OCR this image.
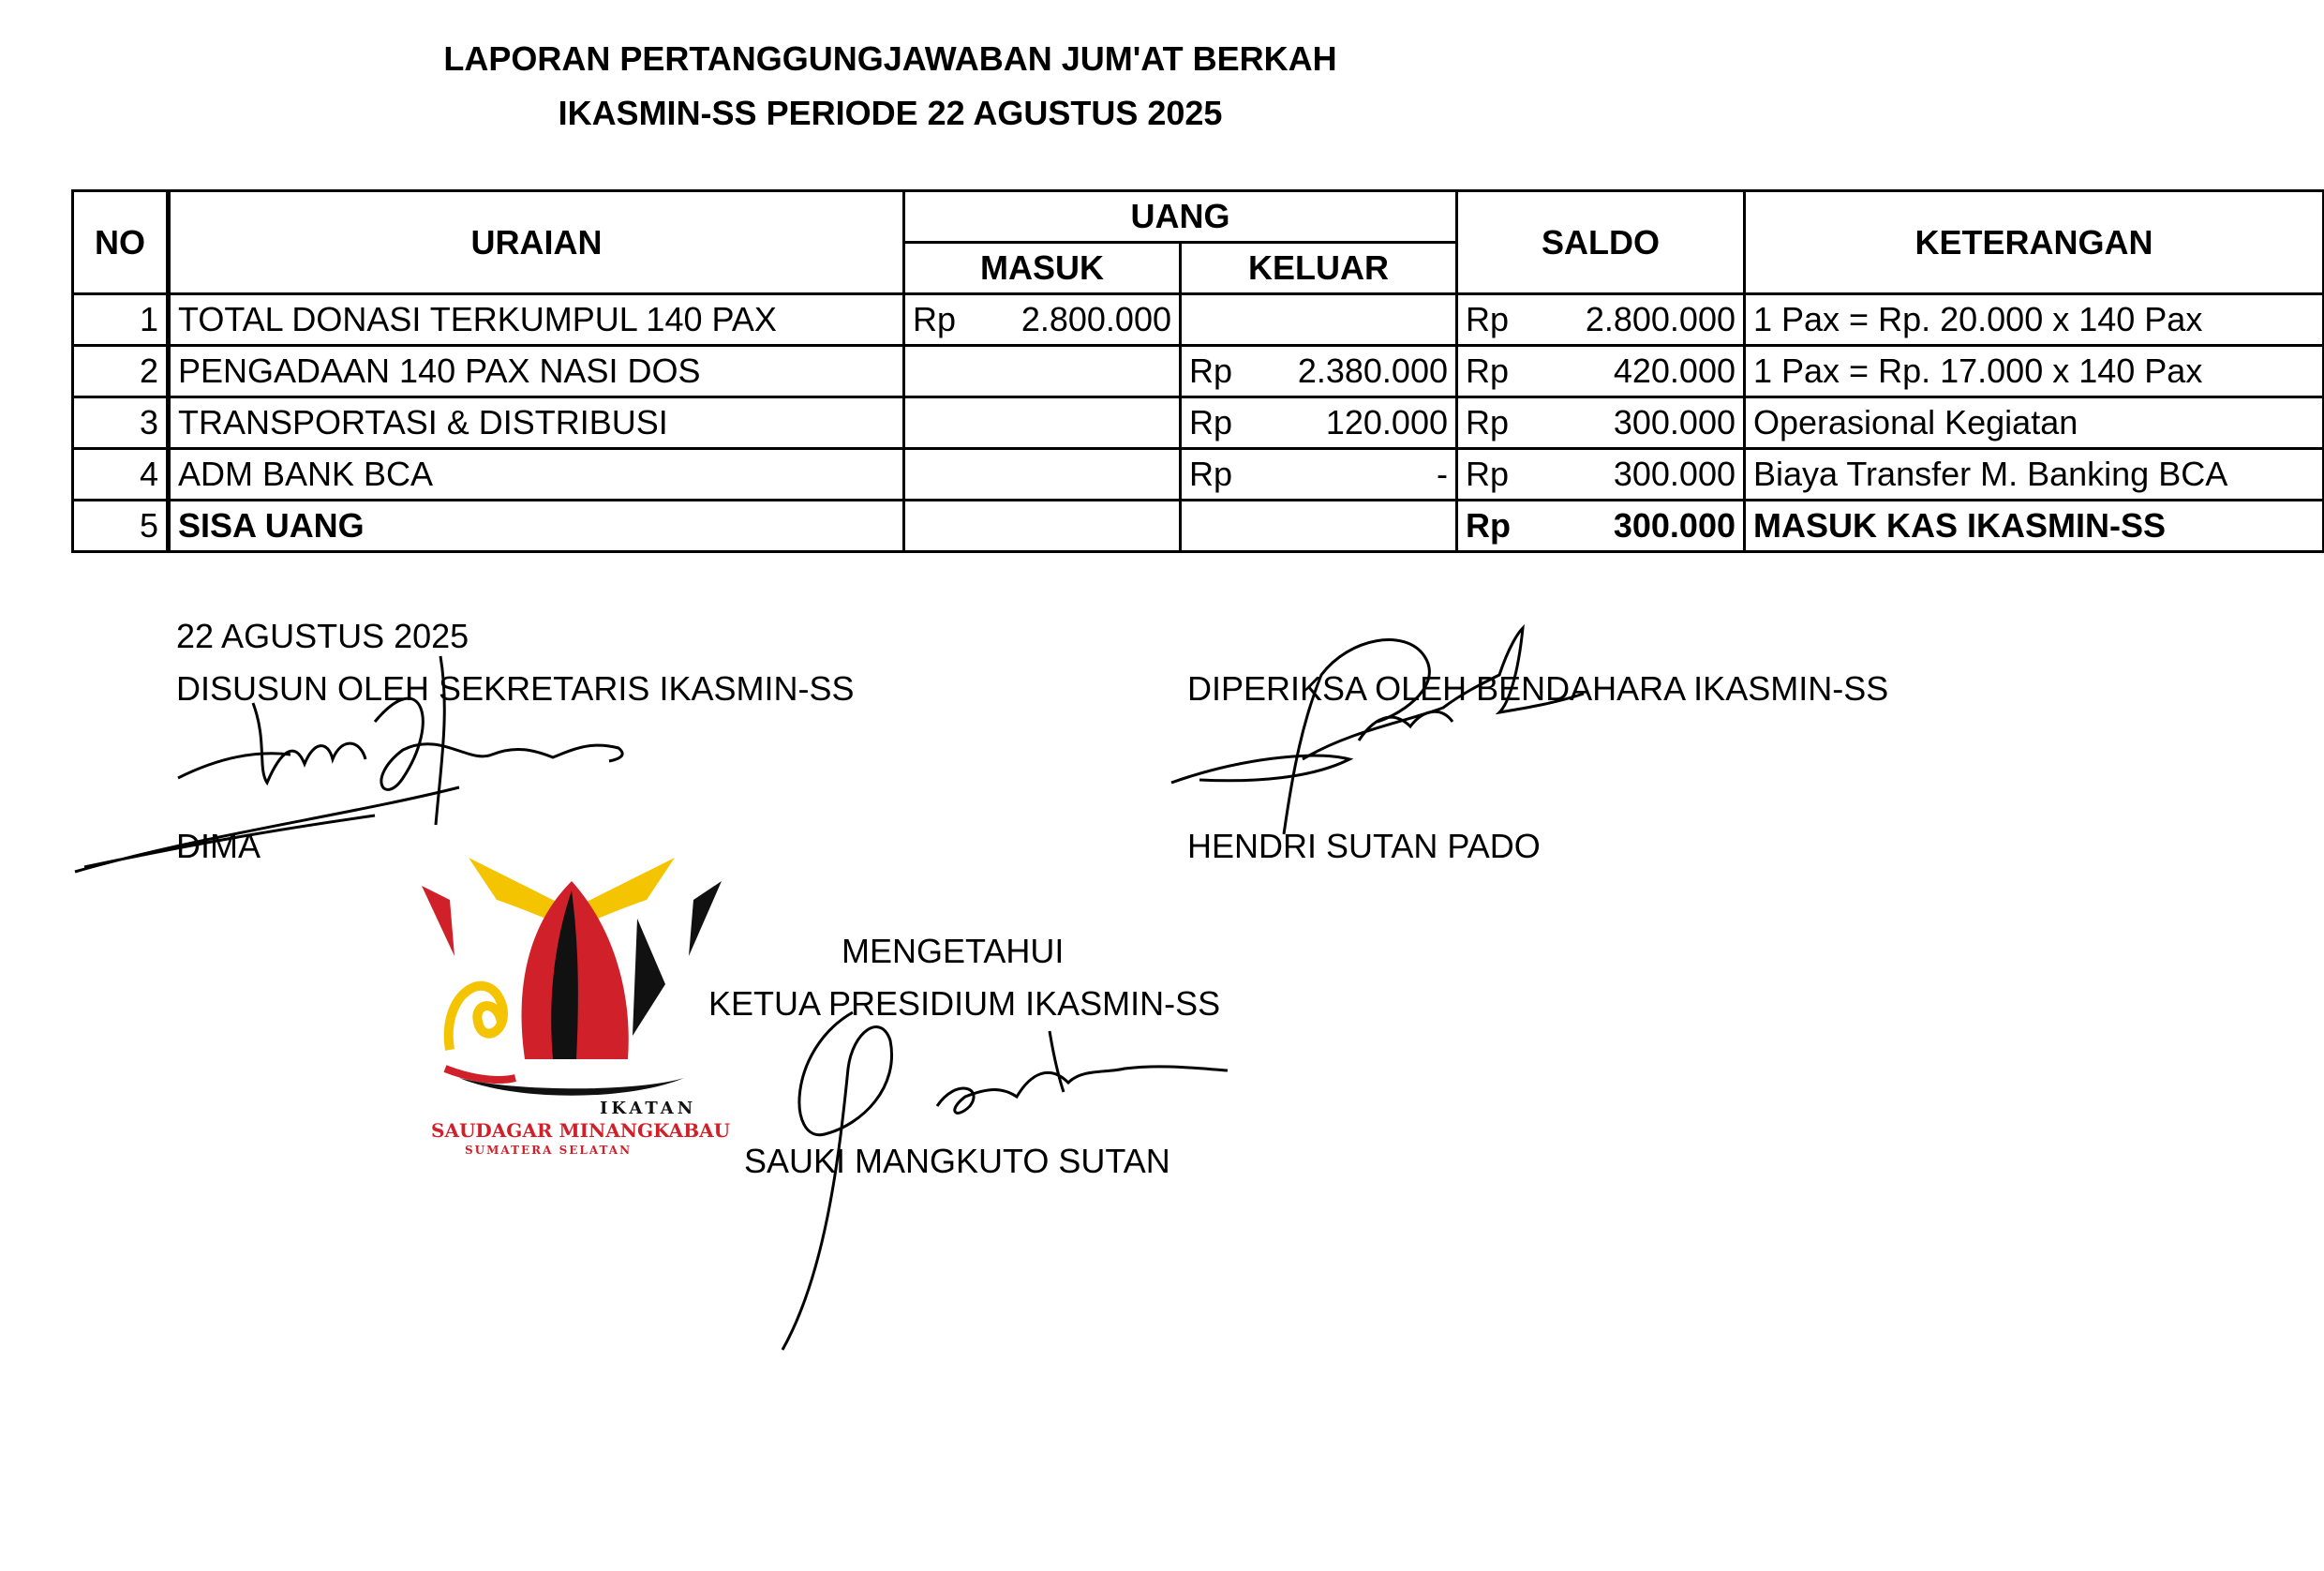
LAPORAN PERTANGGUNGJAWABAN JUM'AT BERKAH
IKASMIN-SS PERIODE 22 AGUSTUS 2025
NO	URAIAN	UANG		SALDO	KETERANGAN
		MASUK	KELUAR		
1	TOTAL DONASI TERKUMPUL 140 PAX	Rp 2.800.000		Rp 2.800.000	1 Pax = Rp. 20.000 x 140 Pax
2	PENGADAAN 140 PAX NASI DOS		Rp 2.380.000	Rp 420.000	1 Pax = Rp. 17.000 x 140 Pax
3	TRANSPORTASI & DISTRIBUSI		Rp 120.000	Rp 300.000	Operasional Kegiatan
4	ADM BANK BCA		Rp -	Rp 300.000	Biaya Transfer M. Banking BCA
5	SISA UANG			Rp 300.000	MASUK KAS IKASMIN-SS
22 AGUSTUS 2025
DISUSUN OLEH SEKRETARIS IKASMIN-SS
DIMA
DIPERIKSA OLEH BENDAHARA IKASMIN-SS
HENDRI SUTAN PADO
MENGETAHUI
KETUA PRESIDIUM IKASMIN-SS
SAUKI MANGKUTO SUTAN
IKATAN
SAUDAGAR MINANGKABAU
SUMATERA SELATAN
